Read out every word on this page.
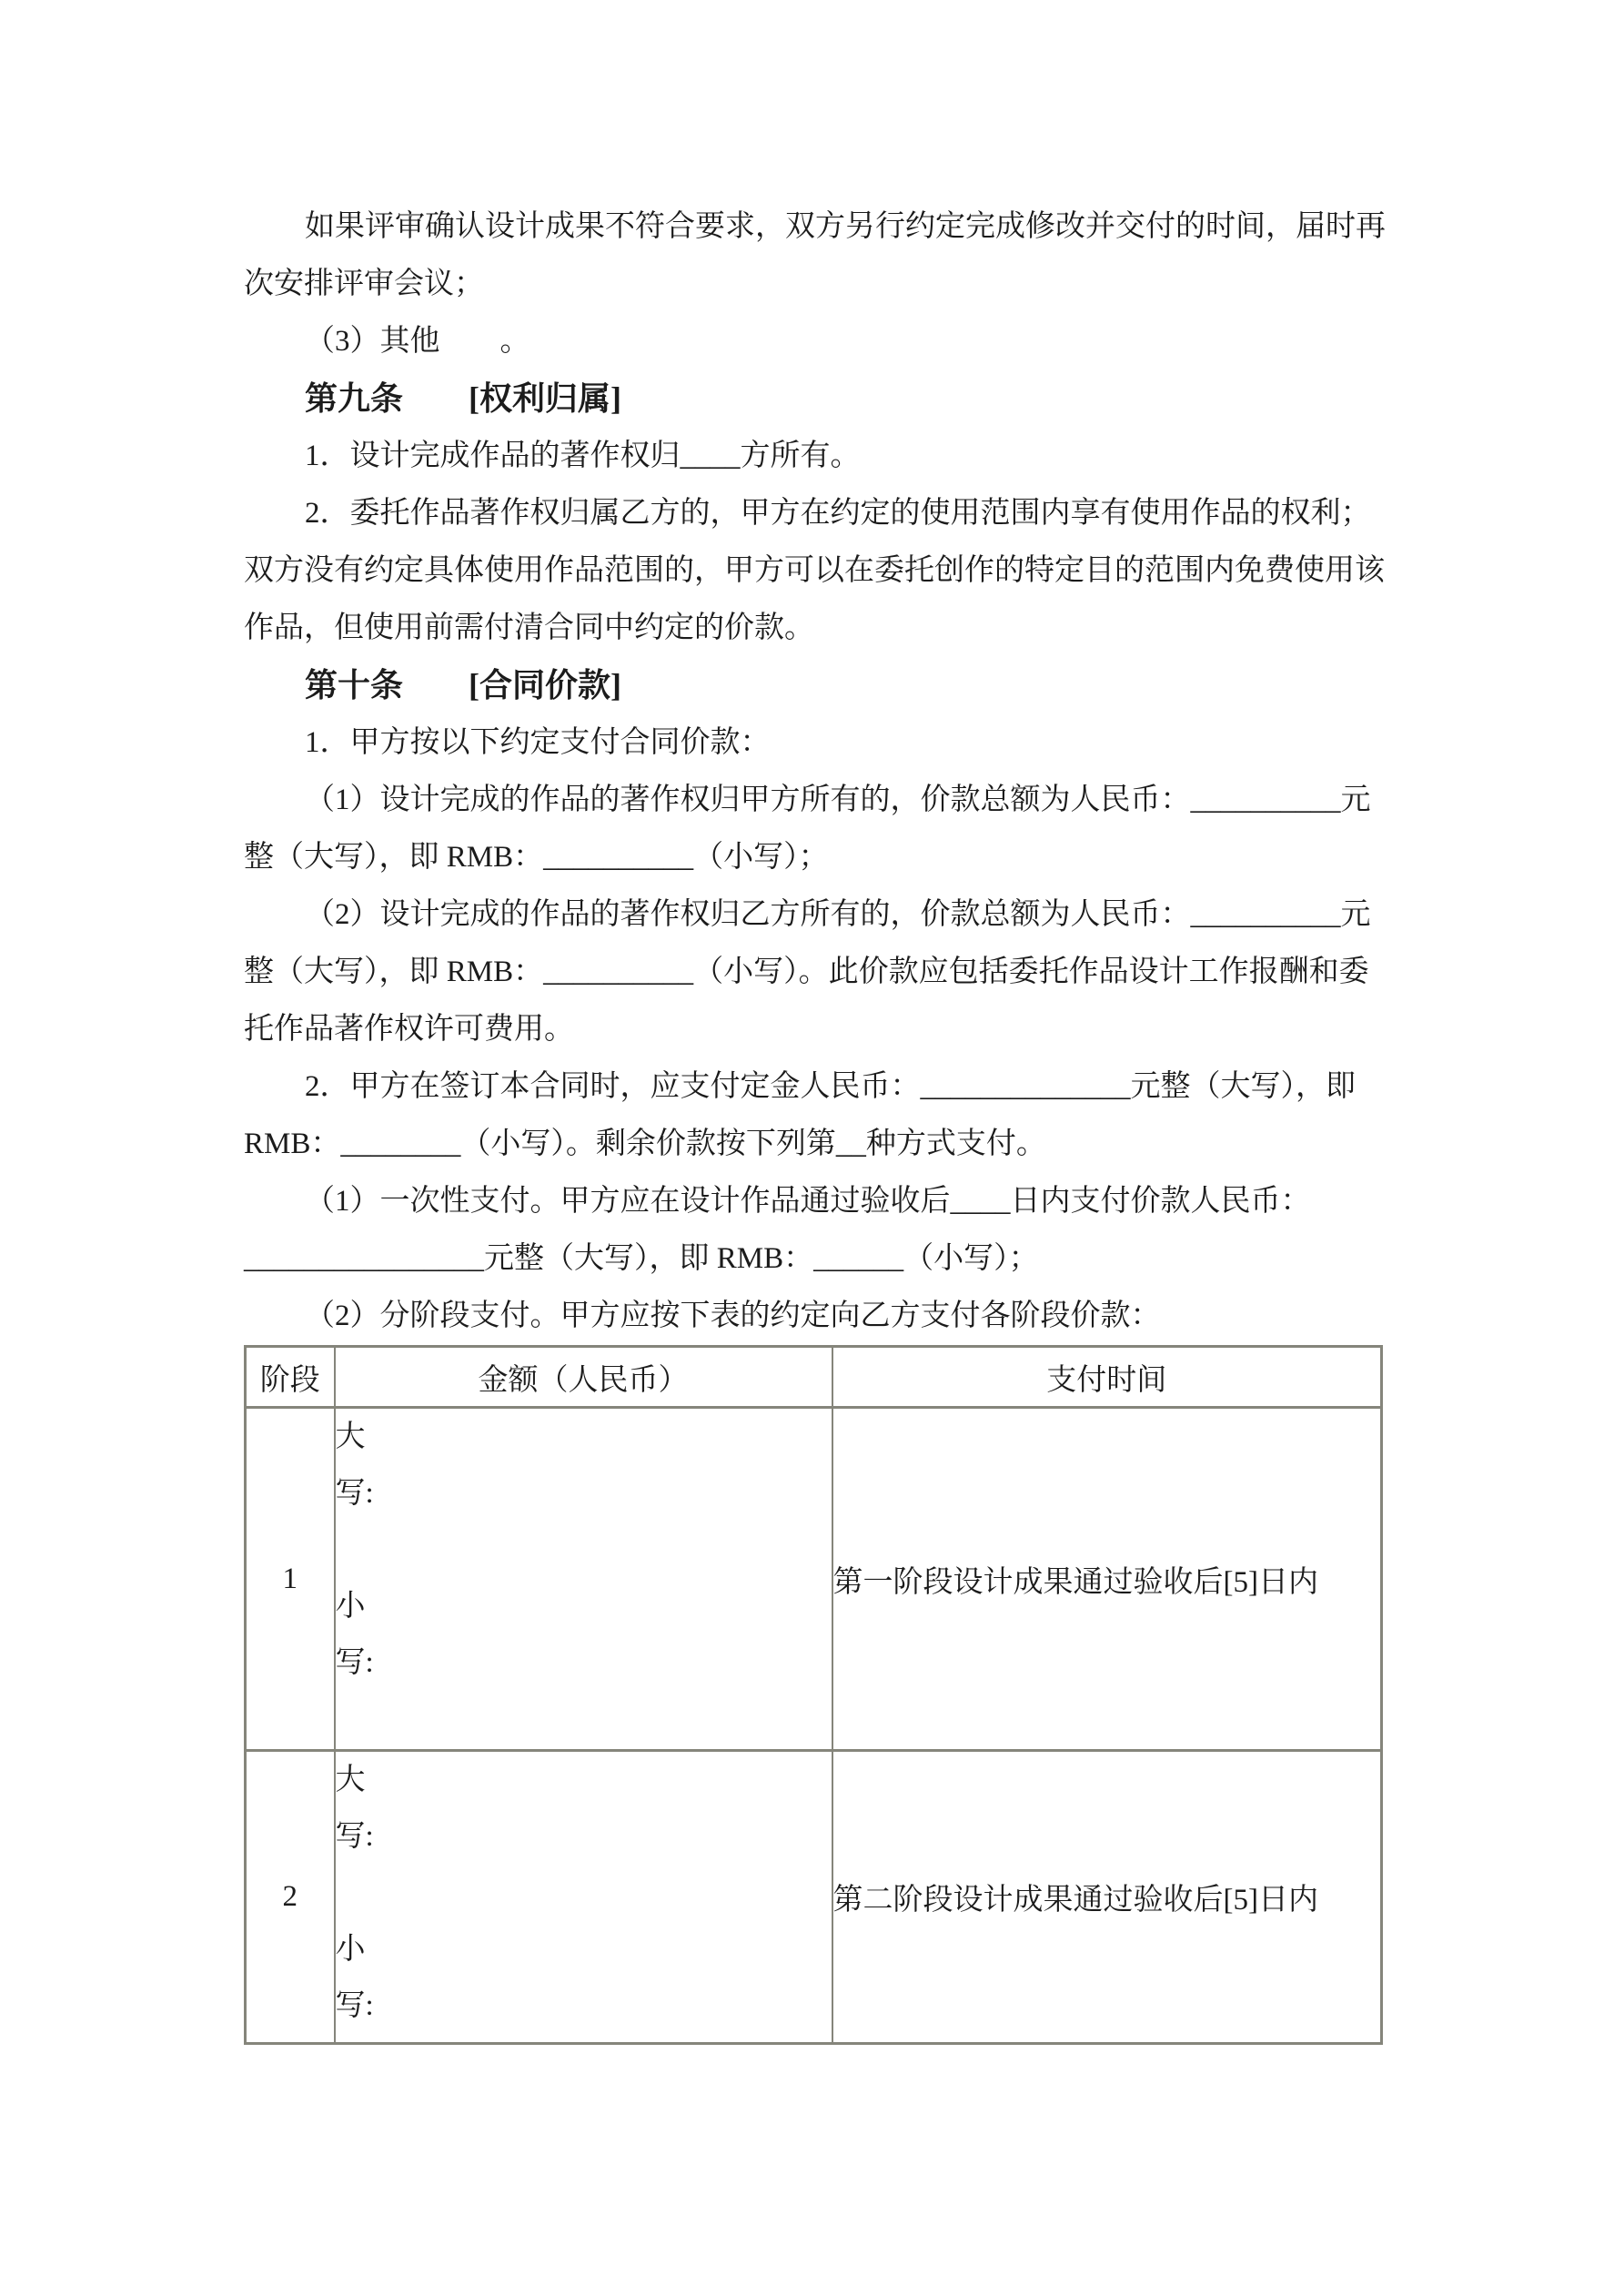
如果评审确认设计成果不符合要求，双方另行约定完成修改并交付的时间，届时再
次安排评审会议；
（3）其他　　。
第九条　　[权利归属]
1．设计完成作品的著作权归____方所有。
2．委托作品著作权归属乙方的，甲方在约定的使用范围内享有使用作品的权利；
双方没有约定具体使用作品范围的，甲方可以在委托创作的特定目的范围内免费使用该
作品，但使用前需付清合同中约定的价款。
第十条　　[合同价款]
1．甲方按以下约定支付合同价款：
（1）设计完成的作品的著作权归甲方所有的，价款总额为人民币：__________元
整（大写），即 RMB：__________（小写）；
（2）设计完成的作品的著作权归乙方所有的，价款总额为人民币：__________元
整（大写），即 RMB：__________（小写）。此价款应包括委托作品设计工作报酬和委
托作品著作权许可费用。
2．甲方在签订本合同时，应支付定金人民币：______________元整（大写），即
RMB：________（小写）。剩余价款按下列第__种方式支付。
（1）一次性支付。甲方应在设计作品通过验收后____日内支付价款人民币：
________________元整（大写），即 RMB：______（小写）；
（2）分阶段支付。甲方应按下表的约定向乙方支付各阶段价款：
阶段	金额（人民币）	支付时间
1	大
写:
小
写:	第一阶段设计成果通过验收后[5]日内
2	大
写:
小
写:	第二阶段设计成果通过验收后[5]日内
